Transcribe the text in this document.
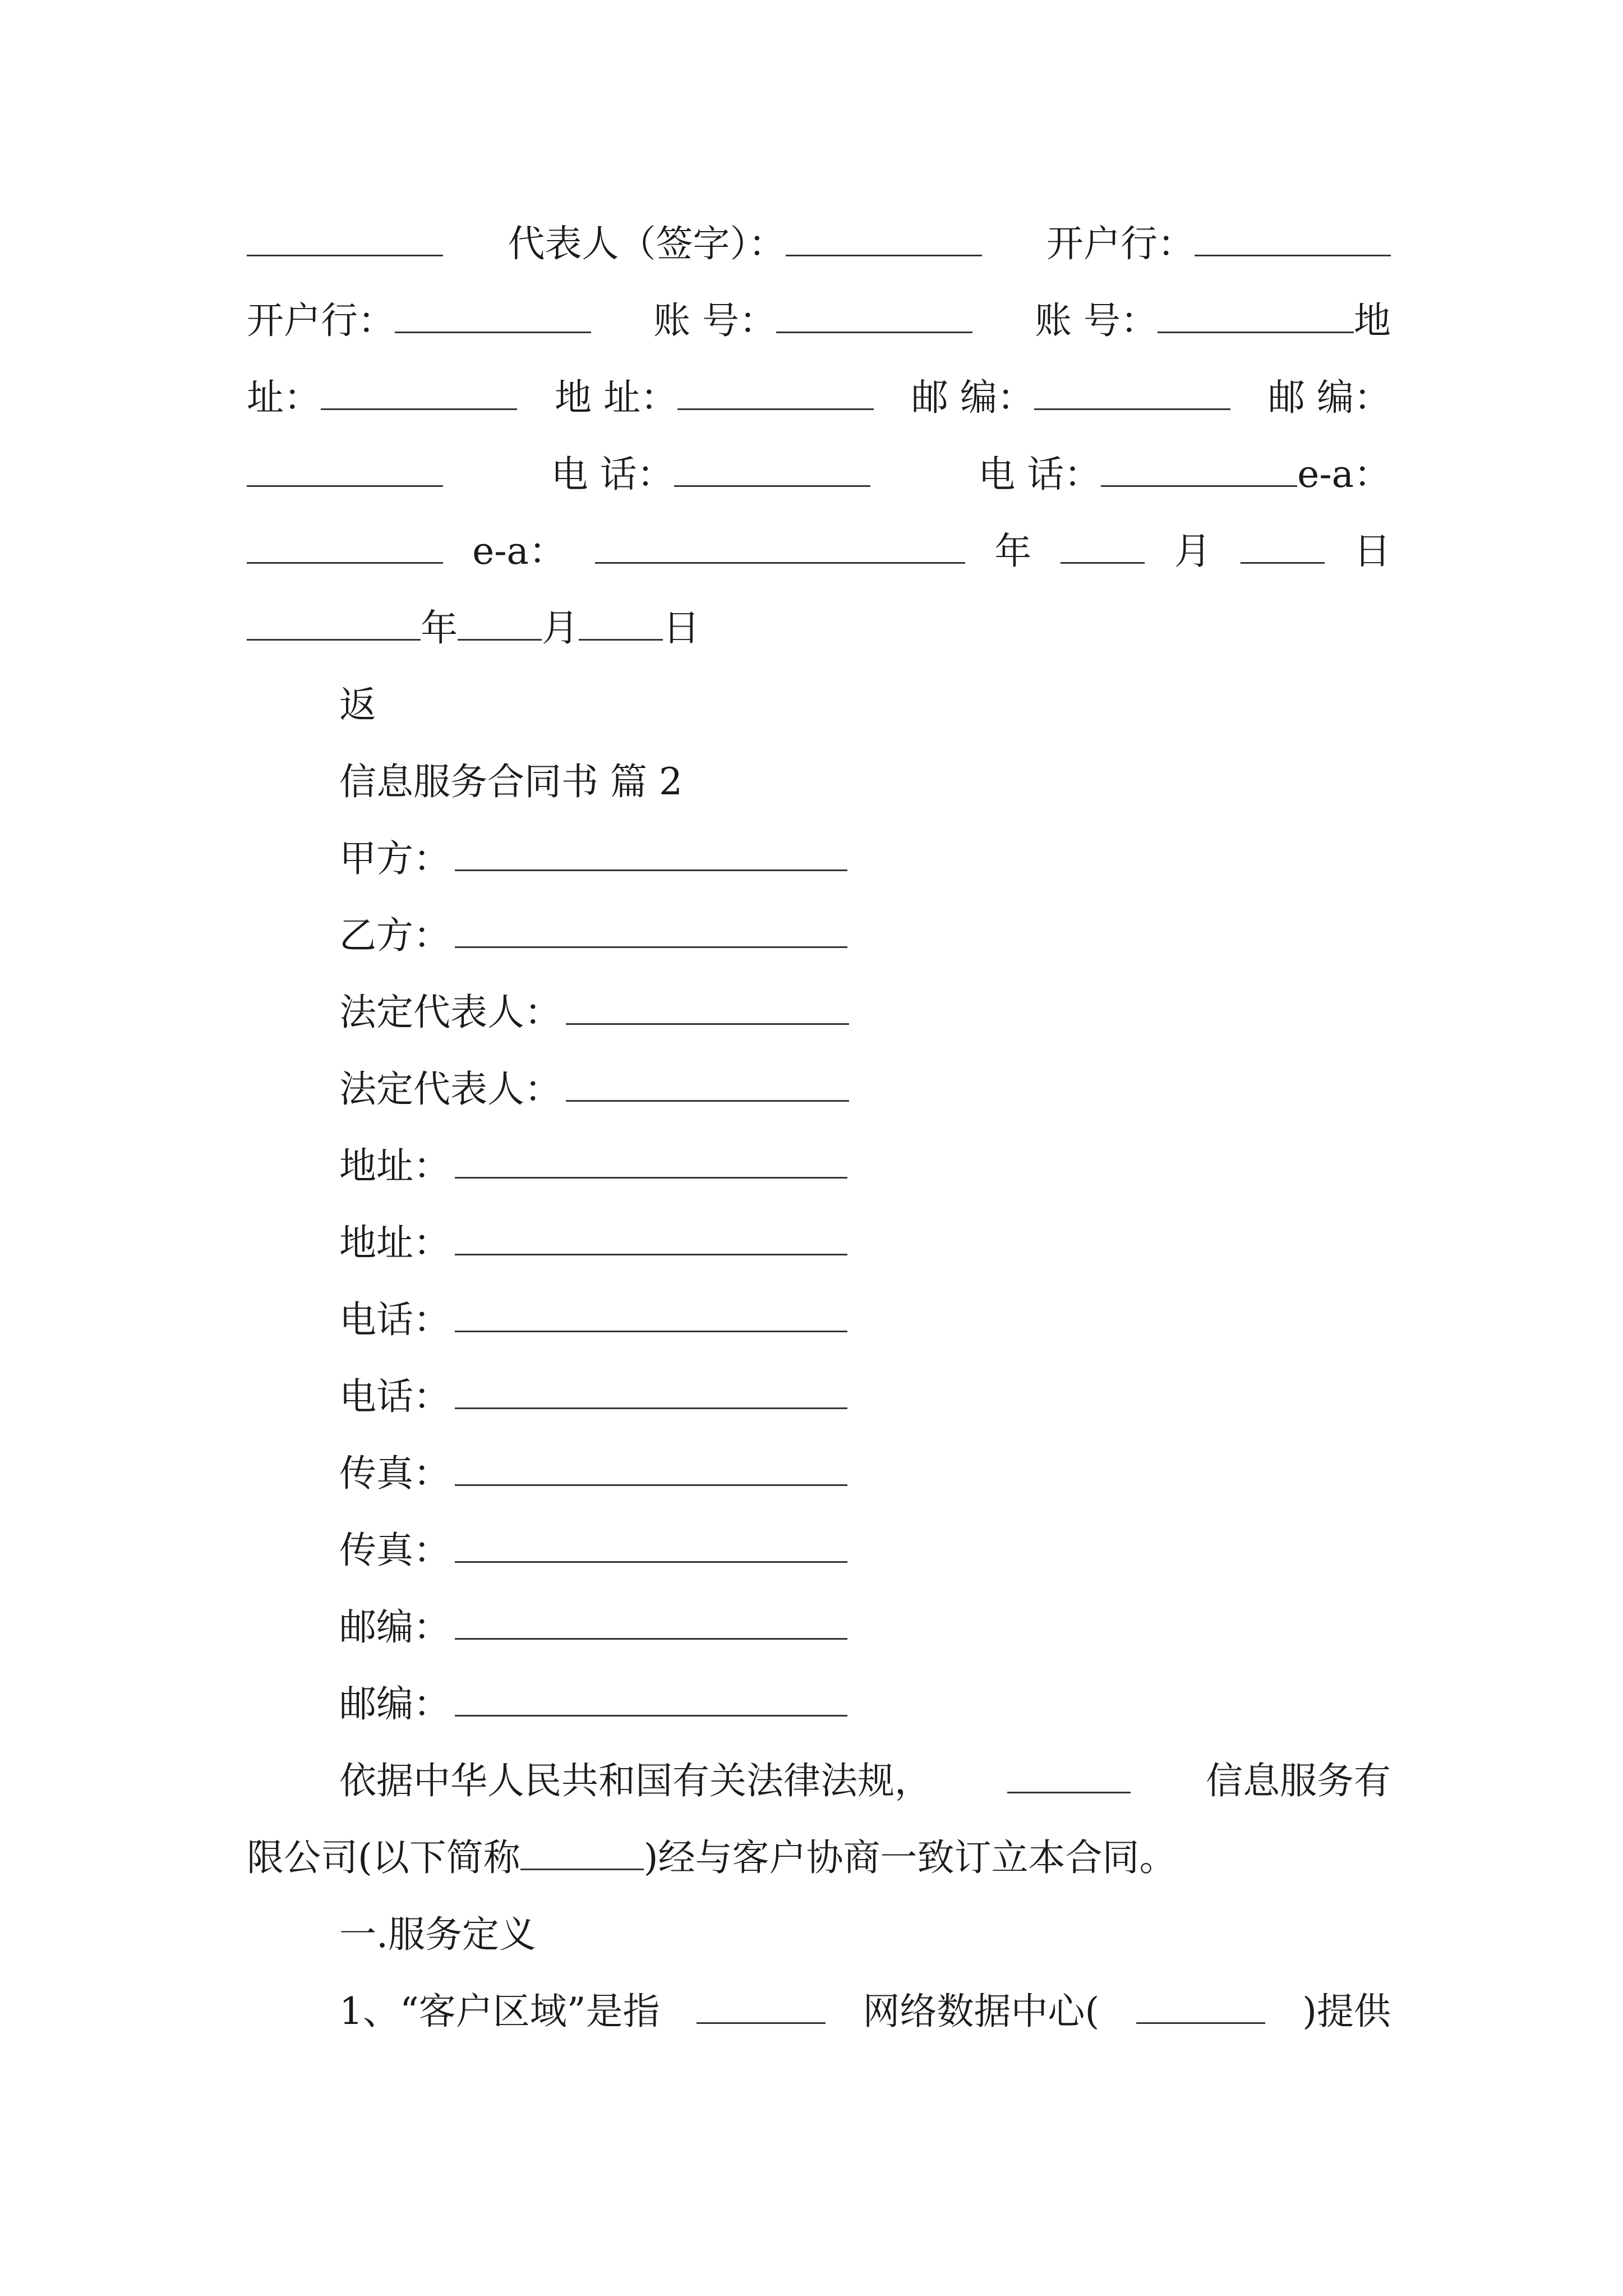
代表人（签字）：	开户行：
开户行：	账 号：	账 号：	地
址：	地 址：	邮 编：	邮 编：
电 话：	电 话：	e-a：
e-a：	年	月	日
年 月 日
返
信息服务合同书 篇 2
甲方：
乙方：
法定代表人：
法定代表人：
地址：
地址：
电话：
电话：
传真：
传真：
邮编：
邮编：
依据中华人民共和国有关法律法规，	信息服务有
限公司(以下简称	)经与客户协商一致订立本合同。
一.服务定义
1、“客户区域”是指	网络数据中心(	)提供
